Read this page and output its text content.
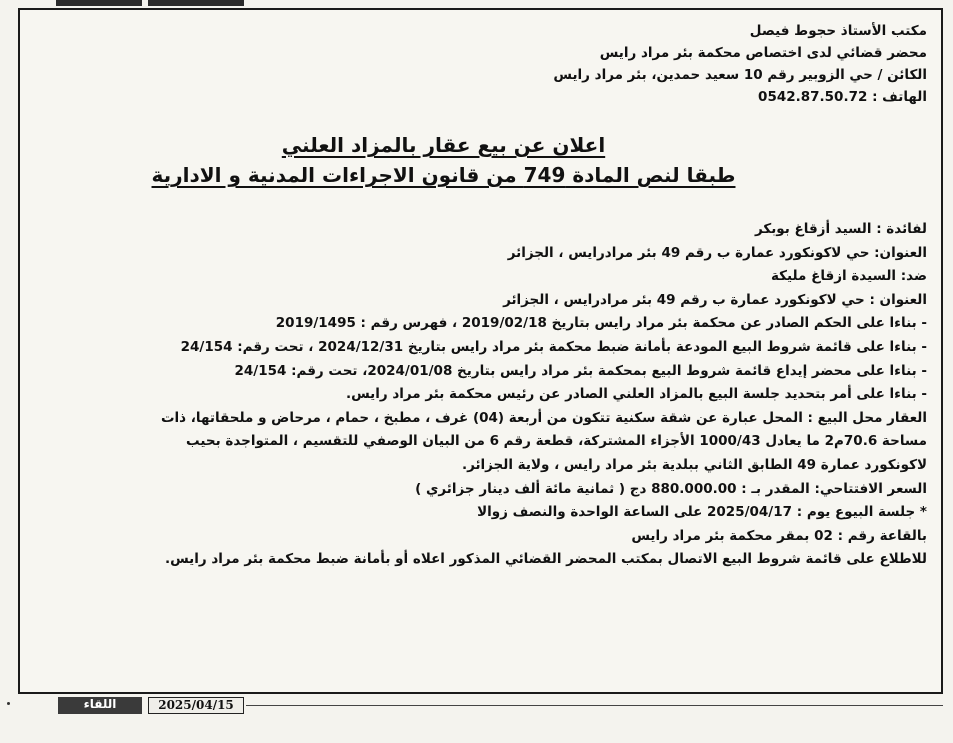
مكتب الأستاذ حجوط فيصل
محضر قضائي لدى اختصاص محكمة بئر مراد رايس
الكائن / حي الزوبير رقم 10 سعيد حمدين، بئر مراد رايس
الهاتف : 0542.87.50.72
اعلان عن بيع عقار بالمزاد العلني
طبقا لنص المادة 749 من قانون الاجراءات المدنية و الادارية
لفائدة : السيد أزقاغ بوبكر
العنوان: حي لاكونكورد عمارة ب رقم 49 بئر مرادرايس ، الجزائر
ضد: السيدة ازقاغ مليكة
العنوان : حي لاكونكورد عمارة ب رقم 49 بئر مرادرايس ، الجزائر
- بناءا على الحكم الصادر عن محكمة بئر مراد رايس بتاريخ 2019/02/18 ، فهرس رقم : 2019/1495
- بناءا على قائمة شروط البيع المودعة بأمانة ضبط محكمة بئر مراد رايس بتاريخ 2024/12/31 ، تحت رقم: 24/154
- بناءا على محضر إيداع قائمة شروط البيع بمحكمة بئر مراد رايس بتاريخ 2024/01/08، تحت رقم: 24/154
- بناءا على أمر بتحديد جلسة البيع بالمزاد العلني الصادر عن رئيس محكمة بئر مراد رايس.
العقار محل البيع : المحل عبارة عن شقة سكنية تتكون من أربعة (04) غرف ، مطبخ ، حمام ، مرحاض و ملحقاتها، ذات
مساحة 70.6م2 ما يعادل 1000/43 الأجزاء المشتركة، قطعة رقم 6 من البيان الوصفي للتقسيم ، المتواجدة بحيب
لاكونكورد عمارة 49 الطابق الثاني ببلدية بئر مراد رايس ، ولاية الجزائر.
السعر الافتتاحي: المقدر بـ : 880.000.00 دج ( ثمانية مائة ألف دينار جزائري )
* جلسة البيوع يوم : 2025/04/17 على الساعة الواحدة والنصف زوالا
بالقاعة رقم : 02 بمقر محكمة بئر مراد رايس
للاطلاع على قائمة شروط البيع الاتصال بمكتب المحضر القضائي المذكور اعلاه أو بأمانة ضبط محكمة بئر مراد رايس.
اللقاء	2025/04/15
